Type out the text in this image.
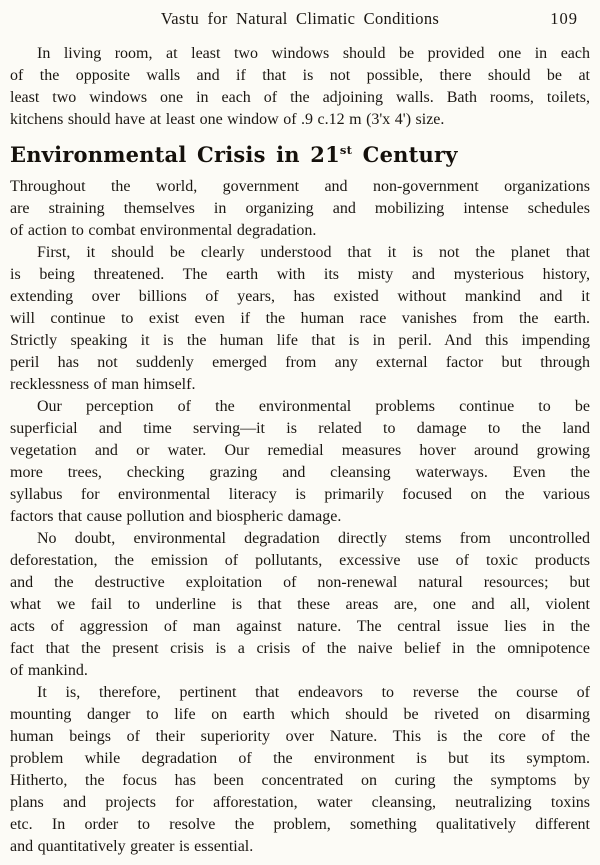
Vastu for Natural Climatic Conditions	109
In living room, at least two windows should be provided one in each
of the opposite walls and if that is not possible, there should be at
least two windows one in each of the adjoining walls. Bath rooms, toilets,
kitchens should have at least one window of .9 c.12 m (3'x 4') size.
Environmental Crisis in 21st Century
Throughout the world, government and non-government organizations
are straining themselves in organizing and mobilizing intense schedules
of action to combat environmental degradation.
First, it should be clearly understood that it is not the planet that
is being threatened. The earth with its misty and mysterious history,
extending over billions of years, has existed without mankind and it
will continue to exist even if the human race vanishes from the earth.
Strictly speaking it is the human life that is in peril. And this impending
peril has not suddenly emerged from any external factor but through
recklessness of man himself.
Our perception of the environmental problems continue to be
superficial and time serving—it is related to damage to the land
vegetation and or water. Our remedial measures hover around growing
more trees, checking grazing and cleansing waterways. Even the
syllabus for environmental literacy is primarily focused on the various
factors that cause pollution and biospheric damage.
No doubt, environmental degradation directly stems from uncontrolled
deforestation, the emission of pollutants, excessive use of toxic products
and the destructive exploitation of non-renewal natural resources; but
what we fail to underline is that these areas are, one and all, violent
acts of aggression of man against nature. The central issue lies in the
fact that the present crisis is a crisis of the naive belief in the omnipotence
of mankind.
It is, therefore, pertinent that endeavors to reverse the course of
mounting danger to life on earth which should be riveted on disarming
human beings of their superiority over Nature. This is the core of the
problem while degradation of the environment is but its symptom.
Hitherto, the focus has been concentrated on curing the symptoms by
plans and projects for afforestation, water cleansing, neutralizing toxins
etc. In order to resolve the problem, something qualitatively different
and quantitatively greater is essential.
